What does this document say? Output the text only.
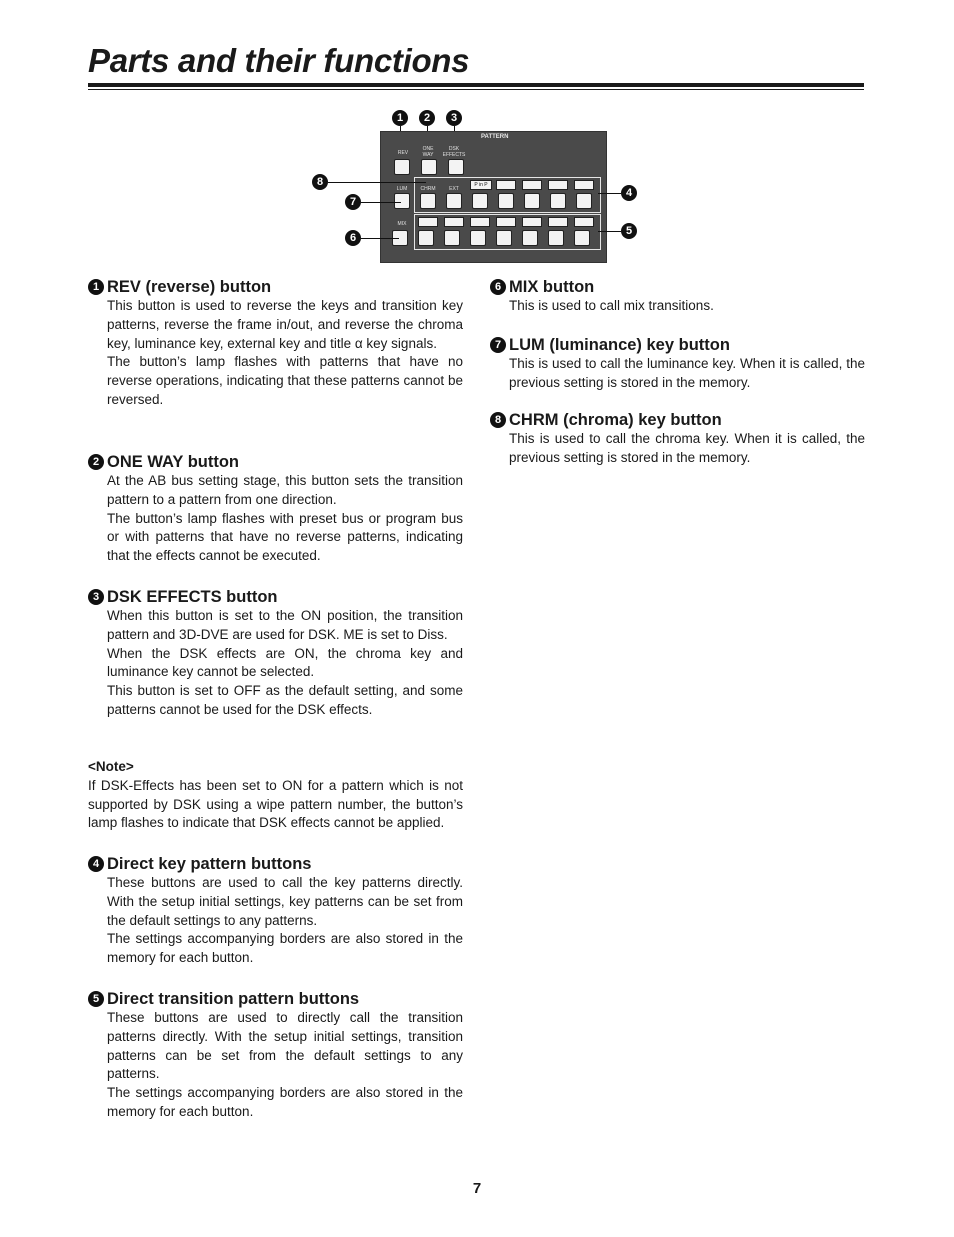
Parts and their functions
1	2	3
PATTERN
REV
ONE WAY
DSK EFFECTS
LUM	CHRM	EXT
P in P
MIX
8
7
6
4
5
1 REV (reverse) button

This button is used to reverse the keys and transition key patterns, reverse the frame in/out, and reverse the chroma key, luminance key, external key and title α key signals.

The button’s lamp flashes with patterns that have no reverse operations, indicating that these patterns cannot be reversed.

2 ONE WAY button

At the AB bus setting stage, this button sets the transition pattern to a pattern from one direction.

The button’s lamp flashes with preset bus or program bus or with patterns that have no reverse patterns, indicating that the effects cannot be executed.

3 DSK EFFECTS button

When this button is set to the ON position, the transition pattern and 3D-DVE are used for DSK. ME is set to Diss.

When the DSK effects are ON, the chroma key and luminance key cannot be selected.

This button is set to OFF as the default setting, and some patterns cannot be used for the DSK effects.

<Note>

If DSK-Effects has been set to ON for a pattern which is not supported by DSK using a wipe pattern number, the button’s lamp flashes to indicate that DSK effects cannot be applied.

4 Direct key pattern buttons

These buttons are used to call the key patterns directly. With the setup initial settings, key patterns can be set from the default settings to any patterns.

The settings accompanying borders are also stored in the memory for each button.

5 Direct transition pattern buttons

These buttons are used to directly call the transition patterns directly. With the setup initial settings, transition patterns can be set from the default settings to any patterns.

The settings accompanying borders are also stored in the memory for each button.

6 MIX button

This is used to call mix transitions.

7 LUM (luminance) key button

This is used to call the luminance key. When it is called, the previous setting is stored in the memory.

8 CHRM (chroma) key button

This is used to call the chroma key. When it is called, the previous setting is stored in the memory.

7
